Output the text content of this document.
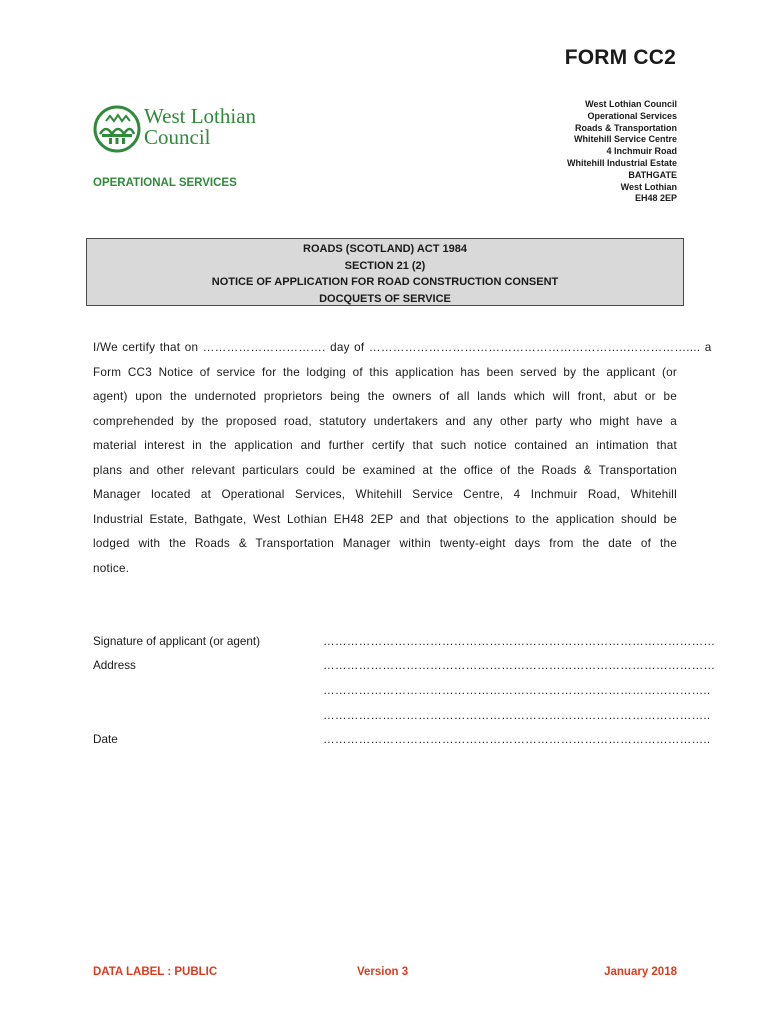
FORM CC2
West Lothian
Council
OPERATIONAL SERVICES
West Lothian Council
Operational Services
Roads & Transportation
Whitehill Service Centre
4 Inchmuir Road
Whitehill Industrial Estate
BATHGATE
West Lothian
EH48 2EP
ROADS (SCOTLAND) ACT 1984
SECTION 21 (2)
NOTICE OF APPLICATION FOR ROAD CONSTRUCTION CONSENT
DOCQUETS OF SERVICE
I/We certify that on …………………………. day of ………………………………………………………..…………….... a
Form CC3 Notice of service for the lodging of this application has been served by the applicant (or
agent) upon the undernoted proprietors being the owners of all lands which will front, abut or be
comprehended by the proposed road, statutory undertakers and any other party who might have a
material interest in the application and further certify that such notice contained an intimation that
plans and other relevant particulars could be examined at the office of the Roads & Transportation
Manager located at Operational Services, Whitehill Service Centre, 4 Inchmuir Road, Whitehill
Industrial Estate, Bathgate, West Lothian EH48 2EP and that objections to the application should be
lodged with the Roads & Transportation Manager within twenty-eight days from the date of the
notice.
Signature of applicant (or agent)	………………………………………………………………………………………
Address	………………………………………………………………………………………
……………………………………………………………………………………..
……………………………………………………………………………………..
Date	……………………………………………………………………………………..
DATA LABEL : PUBLIC	Version 3	January 2018
